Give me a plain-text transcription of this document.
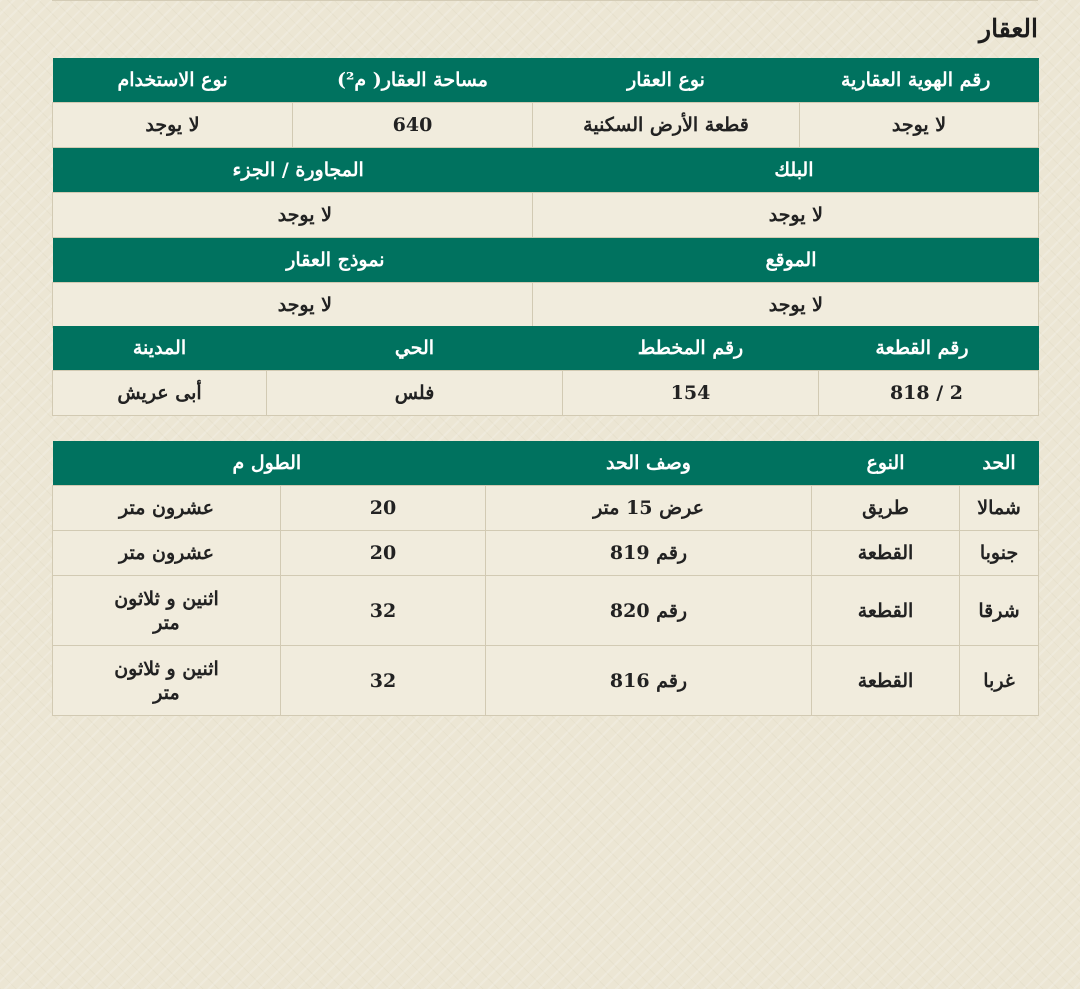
العقار
رقم الهوية العقارية	نوع العقار	مساحة العقار( م²)	نوع الاستخدام
لا يوجد	قطعة الأرض السكنية	640	لا يوجد
البلك		المجاورة / الجزء	
لا يوجد		لا يوجد	
الموقع		نموذج العقار	
لا يوجد		لا يوجد	
رقم القطعة	رقم المخطط	الحي	المدينة
818 / 2	154	فلس	أبى عريش
الحد	النوع	وصف الحد	الطول م	
شمالا	طريق	عرض 15 متر	20	عشرون متر
جنوبا	القطعة	رقم 819	20	عشرون متر
شرقا	القطعة	رقم 820	32	اثنين و ثلاثون متر
غربا	القطعة	رقم 816	32	اثنين و ثلاثون متر
